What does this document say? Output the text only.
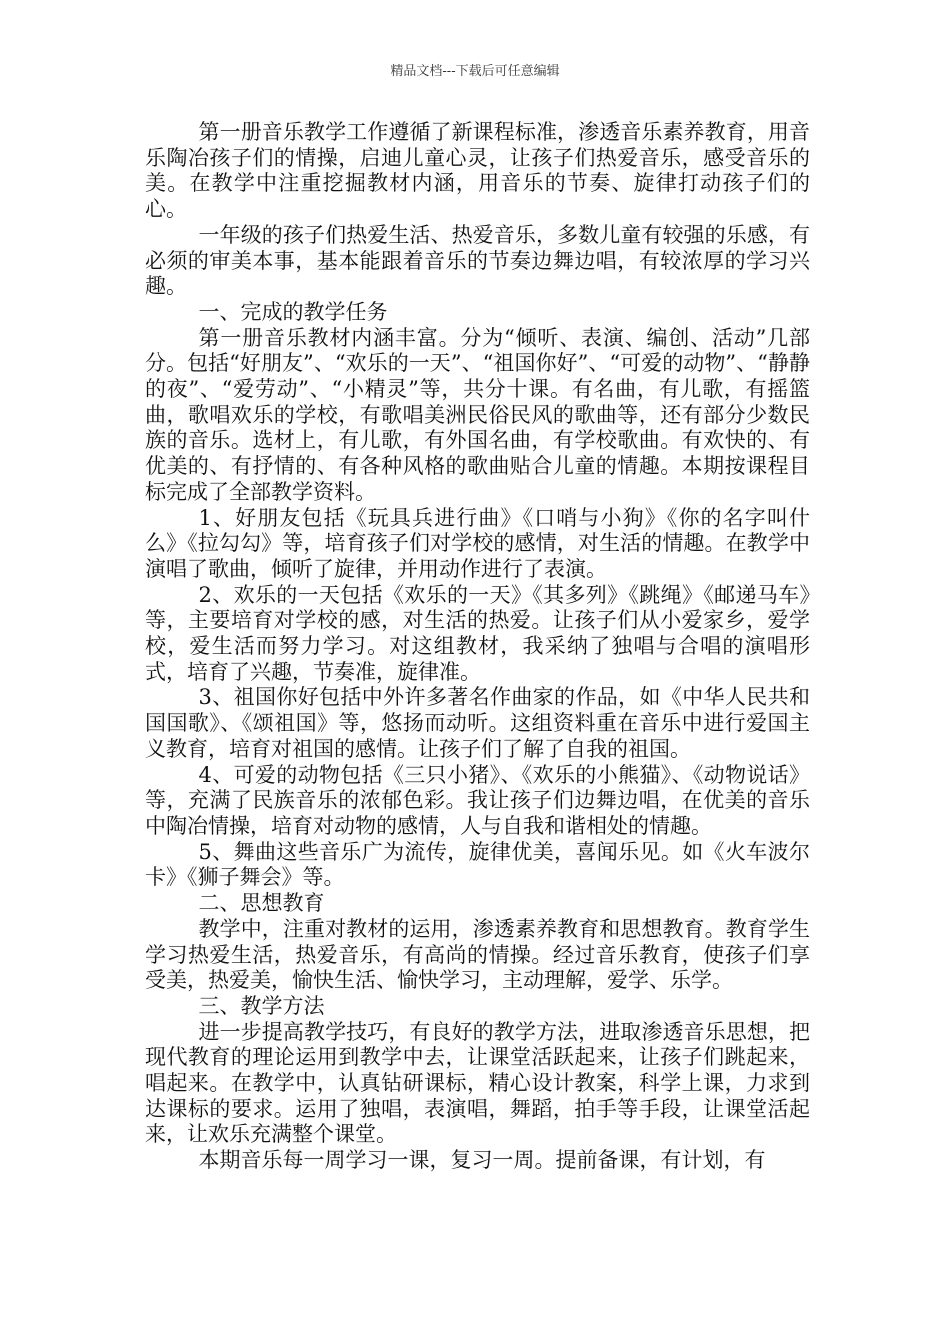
精品文档---下载后可任意编辑

第一册音乐教学工作遵循了新课程标准，渗透音乐素养教育，用音乐陶冶孩子们的情操，启迪儿童心灵，让孩子们热爱音乐，感受音乐的美。在教学中注重挖掘教材内涵，用音乐的节奏、旋律打动孩子们的心。

一年级的孩子们热爱生活、热爱音乐，多数儿童有较强的乐感，有必须的审美本事，基本能跟着音乐的节奏边舞边唱，有较浓厚的学习兴趣。

一、完成的教学任务

第一册音乐教材内涵丰富。分为“倾听、表演、编创、活动”几部分。包括“好朋友”、“欢乐的一天”、“祖国你好”、“可爱的动物”、“静静的夜”、“爱劳动”、“小精灵”等，共分十课。有名曲，有儿歌，有摇篮曲，歌唱欢乐的学校，有歌唱美洲民俗民风的歌曲等，还有部分少数民族的音乐。选材上，有儿歌，有外国名曲，有学校歌曲。有欢快的、有优美的、有抒情的、有各种风格的歌曲贴合儿童的情趣。本期按课程目标完成了全部教学资料。

1、好朋友包括《玩具兵进行曲》《口哨与小狗》《你的名字叫什么》《拉勾勾》等，培育孩子们对学校的感情，对生活的情趣。在教学中演唱了歌曲，倾听了旋律，并用动作进行了表演。

2、欢乐的一天包括《欢乐的一天》《其多列》《跳绳》《邮递马车》等，主要培育对学校的感，对生活的热爱。让孩子们从小爱家乡，爱学校，爱生活而努力学习。对这组教材，我采纳了独唱与合唱的演唱形式，培育了兴趣，节奏准，旋律准。

3、祖国你好包括中外许多著名作曲家的作品，如《中华人民共和国国歌》、《颂祖国》等，悠扬而动听。这组资料重在音乐中进行爱国主义教育，培育对祖国的感情。让孩子们了解了自我的祖国。

4、可爱的动物包括《三只小猪》、《欢乐的小熊猫》、《动物说话》等，充满了民族音乐的浓郁色彩。我让孩子们边舞边唱，在优美的音乐中陶冶情操，培育对动物的感情，人与自我和谐相处的情趣。

5、舞曲这些音乐广为流传，旋律优美，喜闻乐见。如《火车波尔卡》《狮子舞会》等。

二、思想教育

教学中，注重对教材的运用，渗透素养教育和思想教育。教育学生学习热爱生活，热爱音乐，有高尚的情操。经过音乐教育，使孩子们享受美，热爱美，愉快生活、愉快学习，主动理解，爱学、乐学。

三、教学方法

进一步提高教学技巧，有良好的教学方法，进取渗透音乐思想，把现代教育的理论运用到教学中去，让课堂活跃起来，让孩子们跳起来，唱起来。在教学中，认真钻研课标，精心设计教案，科学上课，力求到达课标的要求。运用了独唱，表演唱，舞蹈，拍手等手段，让课堂活起来，让欢乐充满整个课堂。

本期音乐每一周学习一课，复习一周。提前备课，有计划，有
